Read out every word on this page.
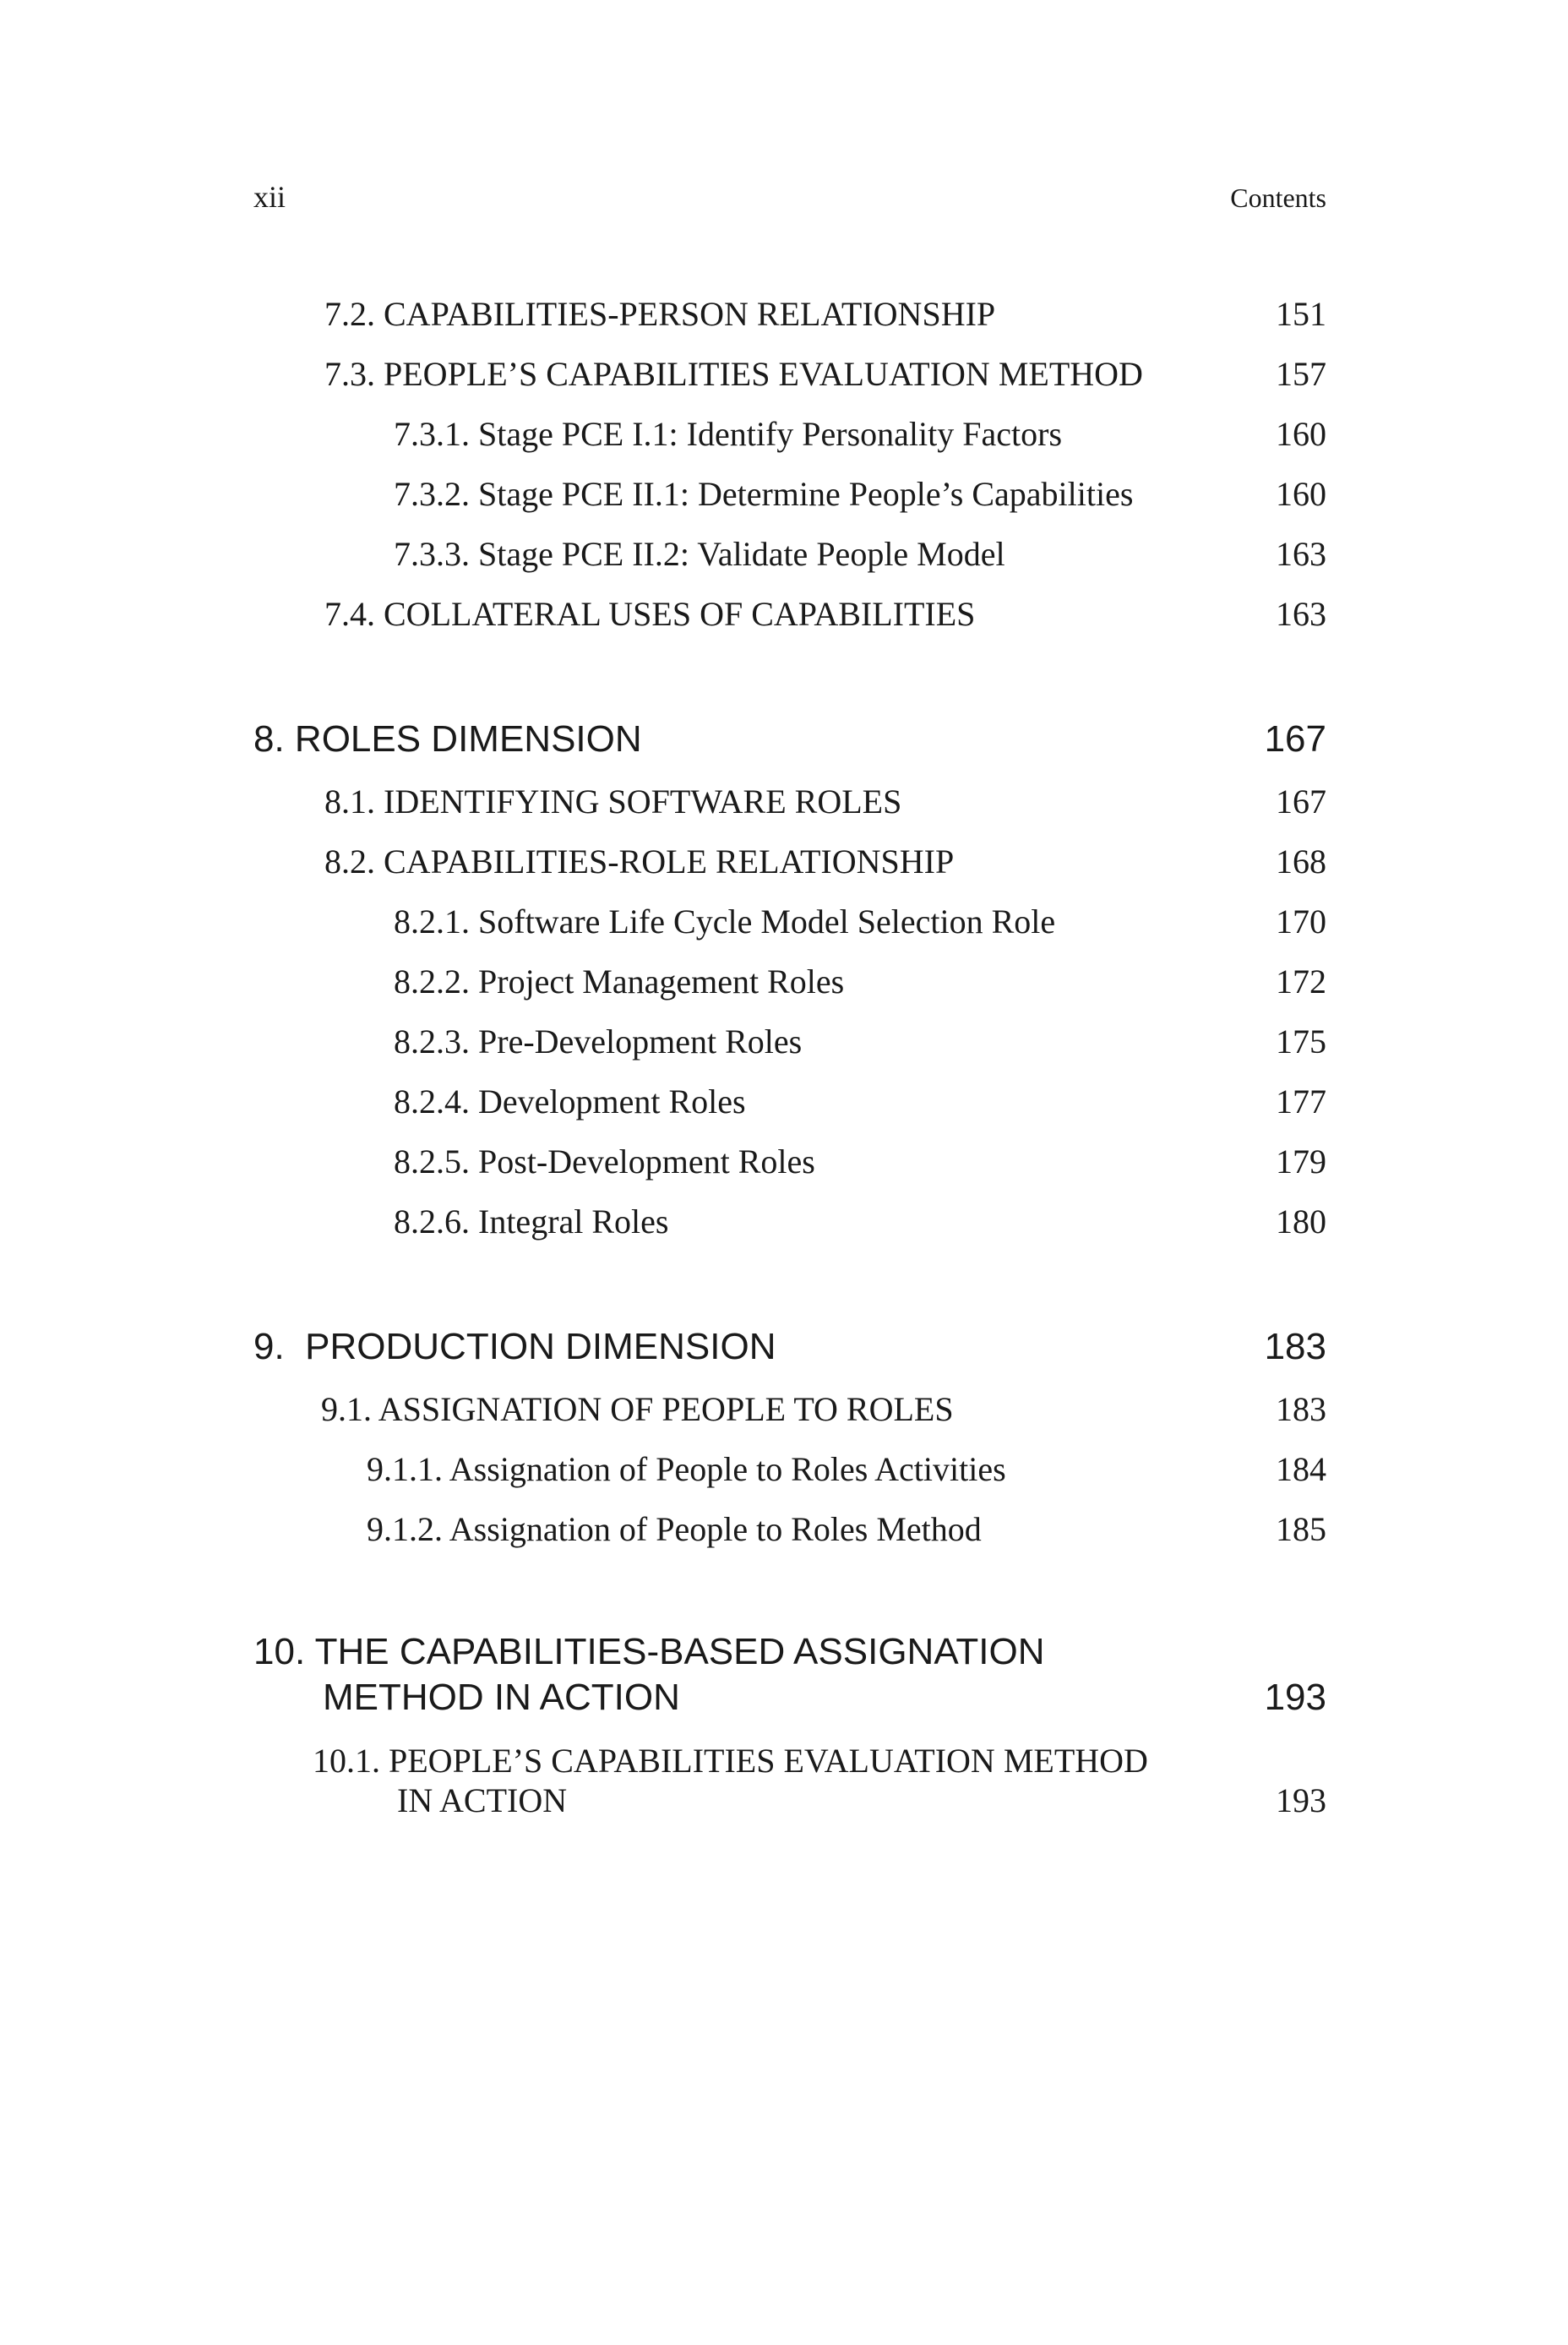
xii	Contents
7.2. CAPABILITIES-PERSON RELATIONSHIP	151
7.3. PEOPLE’S CAPABILITIES EVALUATION METHOD	157
7.3.1. Stage PCE I.1: Identify Personality Factors	160
7.3.2. Stage PCE II.1: Determine People’s Capabilities	160
7.3.3. Stage PCE II.2: Validate People Model	163
7.4. COLLATERAL USES OF CAPABILITIES	163
8. ROLES DIMENSION	167
8.1. IDENTIFYING SOFTWARE ROLES	167
8.2. CAPABILITIES-ROLE RELATIONSHIP	168
8.2.1. Software Life Cycle Model Selection Role	170
8.2.2. Project Management Roles	172
8.2.3. Pre-Development Roles	175
8.2.4. Development Roles	177
8.2.5. Post-Development Roles	179
8.2.6. Integral Roles	180
9.  PRODUCTION DIMENSION	183
9.1. ASSIGNATION OF PEOPLE TO ROLES	183
9.1.1. Assignation of People to Roles Activities	184
9.1.2. Assignation of People to Roles Method	185
10. THE CAPABILITIES-BASED ASSIGNATION
METHOD IN ACTION	193
10.1. PEOPLE’S CAPABILITIES EVALUATION METHOD
IN ACTION	193
